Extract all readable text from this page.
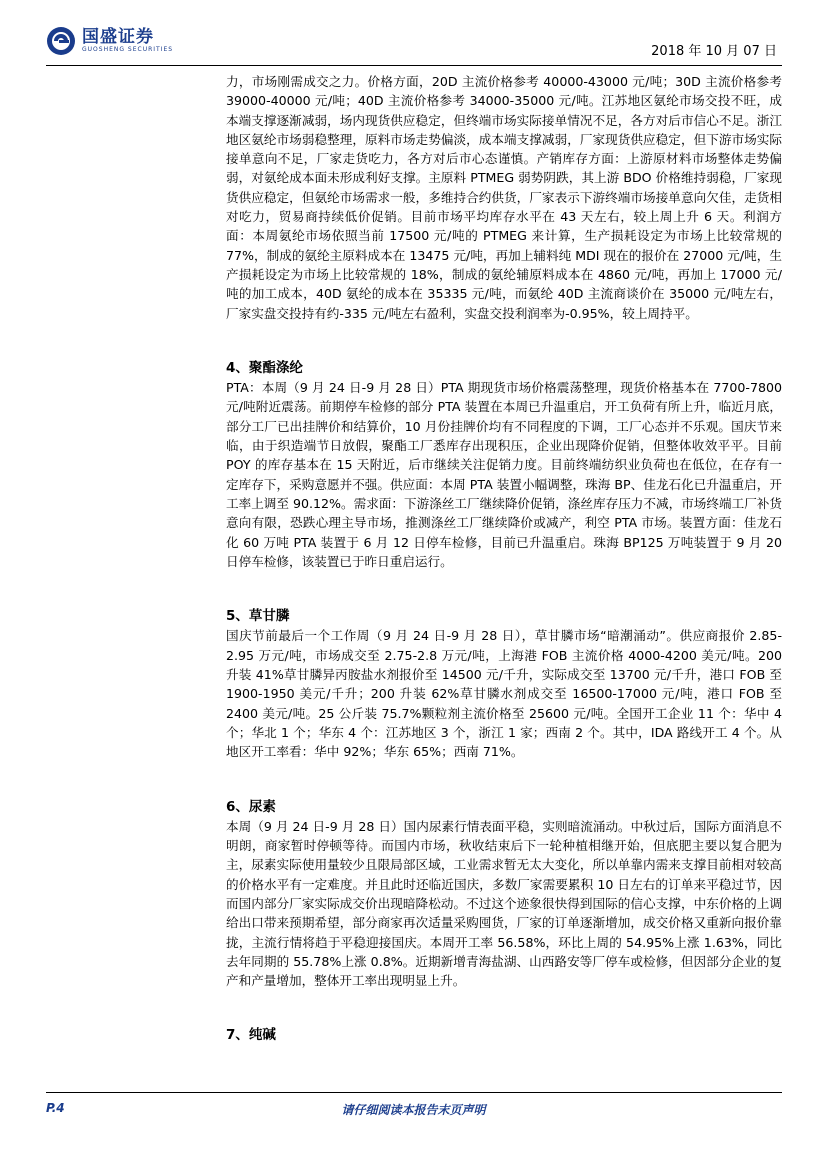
国盛证券
GUOSHENG SECURITIES	2018 年 10 月 07 日

力，市场刚需成交之力。价格方面，20D 主流价格参考 40000-43000 元/吨；30D 主流价格参考 39000-40000 元/吨；40D 主流价格参考 34000-35000 元/吨。江苏地区氨纶市场交投不旺，成本端支撑逐渐减弱，场内现货供应稳定，但终端市场实际接单情况不足，各方对后市信心不足。浙江地区氨纶市场弱稳整理，原料市场走势偏淡，成本端支撑减弱，厂家现货供应稳定，但下游市场实际接单意向不足，厂家走货吃力，各方对后市心态谨慎。产销库存方面：上游原材料市场整体走势偏弱，对氨纶成本面未形成利好支撑。主原料 PTMEG 弱势阴跌，其上游 BDO 价格维持弱稳，厂家现货供应稳定，但氨纶市场需求一般，多维持合约供货，厂家表示下游终端市场接单意向欠佳，走货相对吃力，贸易商持续低价促销。目前市场平均库存水平在 43 天左右，较上周上升 6 天。利润方面：本周氨纶市场依照当前 17500 元/吨的 PTMEG 来计算，生产损耗设定为市场上比较常规的 77%，制成的氨纶主原料成本在 13475 元/吨，再加上辅料纯 MDI 现在的报价在 27000 元/吨，生产损耗设定为市场上比较常规的 18%，制成的氨纶辅原料成本在 4860 元/吨，再加上 17000 元/吨的加工成本，40D 氨纶的成本在 35335 元/吨，而氨纶 40D 主流商谈价在 35000 元/吨左右，厂家实盘交投持有约-335 元/吨左右盈利，实盘交投利润率为-0.95%，较上周持平。

4、聚酯涤纶

PTA：本周（9 月 24 日-9 月 28 日）PTA 期现货市场价格震荡整理，现货价格基本在 7700-7800 元/吨附近震荡。前期停车检修的部分 PTA 装置在本周已升温重启，开工负荷有所上升，临近月底，部分工厂已出挂牌价和结算价，10 月份挂牌价均有不同程度的下调，工厂心态并不乐观。国庆节来临，由于织造端节日放假，聚酯工厂悉库存出现积压，企业出现降价促销，但整体收效平平。目前 POY 的库存基本在 15 天附近，后市继续关注促销力度。目前终端纺织业负荷也在低位，在存有一定库存下，采购意愿并不强。供应面：本周 PTA 装置小幅调整，珠海 BP、佳龙石化已升温重启，开工率上调至 90.12%。需求面：下游涤丝工厂继续降价促销，涤丝库存压力不减，市场终端工厂补货意向有限，恐跌心理主导市场，推测涤丝工厂继续降价或减产，利空 PTA 市场。装置方面：佳龙石化 60 万吨 PTA 装置于 6 月 12 日停车检修，目前已升温重启。珠海 BP125 万吨装置于 9 月 20 日停车检修，该装置已于昨日重启运行。

5、草甘膦

国庆节前最后一个工作周（9 月 24 日-9 月 28 日），草甘膦市场“暗潮涌动”。供应商报价 2.85-2.95 万元/吨，市场成交至 2.75-2.8 万元/吨，上海港 FOB 主流价格 4000-4200 美元/吨。200 升装 41%草甘膦异丙胺盐水剂报价至 14500 元/千升，实际成交至 13700 元/千升，港口 FOB 至 1900-1950 美元/千升；200 升装 62%草甘膦水剂成交至 16500-17000 元/吨，港口 FOB 至 2400 美元/吨。25 公斤装 75.7%颗粒剂主流价格至 25600 元/吨。全国开工企业 11 个：华中 4 个；华北 1 个；华东 4 个：江苏地区 3 个，浙江 1 家；西南 2 个。其中，IDA 路线开工 4 个。从地区开工率看：华中 92%；华东 65%；西南 71%。

6、尿素

本周（9 月 24 日-9 月 28 日）国内尿素行情表面平稳，实则暗流涌动。中秋过后，国际方面消息不明朗，商家暂时停顿等待。而国内市场，秋收结束后下一轮种植相继开始，但底肥主要以复合肥为主，尿素实际使用量较少且限局部区域，工业需求暂无太大变化，所以单靠内需来支撑目前相对较高的价格水平有一定难度。并且此时还临近国庆，多数厂家需要累积 10 日左右的订单来平稳过节，因而国内部分厂家实际成交价出现暗降松动。不过这个迹象很快得到国际的信心支撑，中东价格的上调给出口带来预期希望，部分商家再次适量采购囤货，厂家的订单逐渐增加，成交价格又重新向报价靠拢，主流行情将趋于平稳迎接国庆。本周开工率 56.58%，环比上周的 54.95%上涨 1.63%，同比去年同期的 55.78%上涨 0.8%。近期新增青海盐湖、山西路安等厂停车或检修，但因部分企业的复产和产量增加，整体开工率出现明显上升。

7、纯碱

请仔细阅读本报告末页声明
P.4
